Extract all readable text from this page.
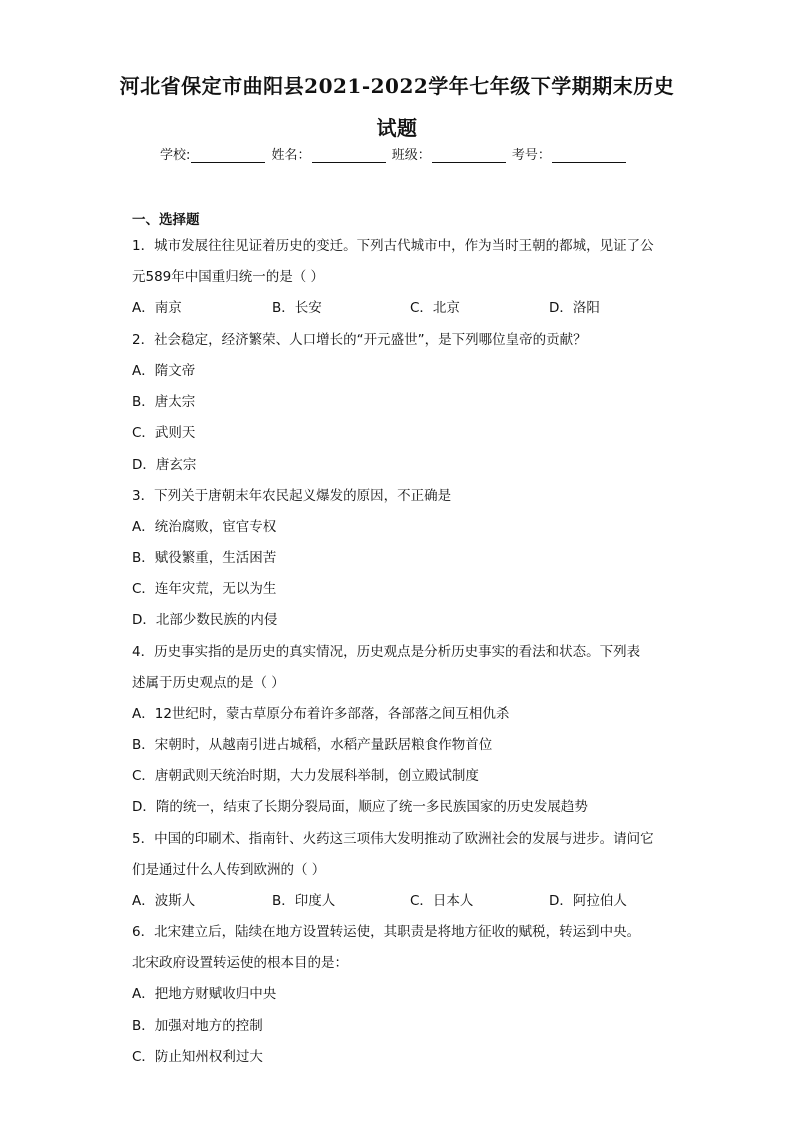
河北省保定市曲阳县2021-2022学年七年级下学期期末历史
试题
学校:	姓名：	班级：	考号：
一、选择题
1．城市发展往往见证着历史的变迁。下列古代城市中，作为当时王朝的都城，见证了公
元589年中国重归统一的是（ ）
A．南京	B．长安	C．北京	D．洛阳
2．社会稳定，经济繁荣、人口增长的“开元盛世”，是下列哪位皇帝的贡献？
A．隋文帝
B．唐太宗
C．武则天
D．唐玄宗
3．下列关于唐朝末年农民起义爆发的原因，不正确是
A．统治腐败，宦官专权
B．赋役繁重，生活困苦
C．连年灾荒，无以为生
D．北部少数民族的内侵
4．历史事实指的是历史的真实情况，历史观点是分析历史事实的看法和状态。下列表
述属于历史观点的是（ ）
A．12世纪时，蒙古草原分布着许多部落，各部落之间互相仇杀
B．宋朝时，从越南引进占城稻，水稻产量跃居粮食作物首位
C．唐朝武则天统治时期，大力发展科举制，创立殿试制度
D．隋的统一，结束了长期分裂局面，顺应了统一多民族国家的历史发展趋势
5．中国的印刷术、指南针、火药这三项伟大发明推动了欧洲社会的发展与进步。请问它
们是通过什么人传到欧洲的（ ）
A．波斯人	B．印度人	C．日本人	D．阿拉伯人
6．北宋建立后，陆续在地方设置转运使，其职责是将地方征收的赋税，转运到中央。
北宋政府设置转运使的根本目的是：
A．把地方财赋收归中央
B．加强对地方的控制
C．防止知州权利过大
